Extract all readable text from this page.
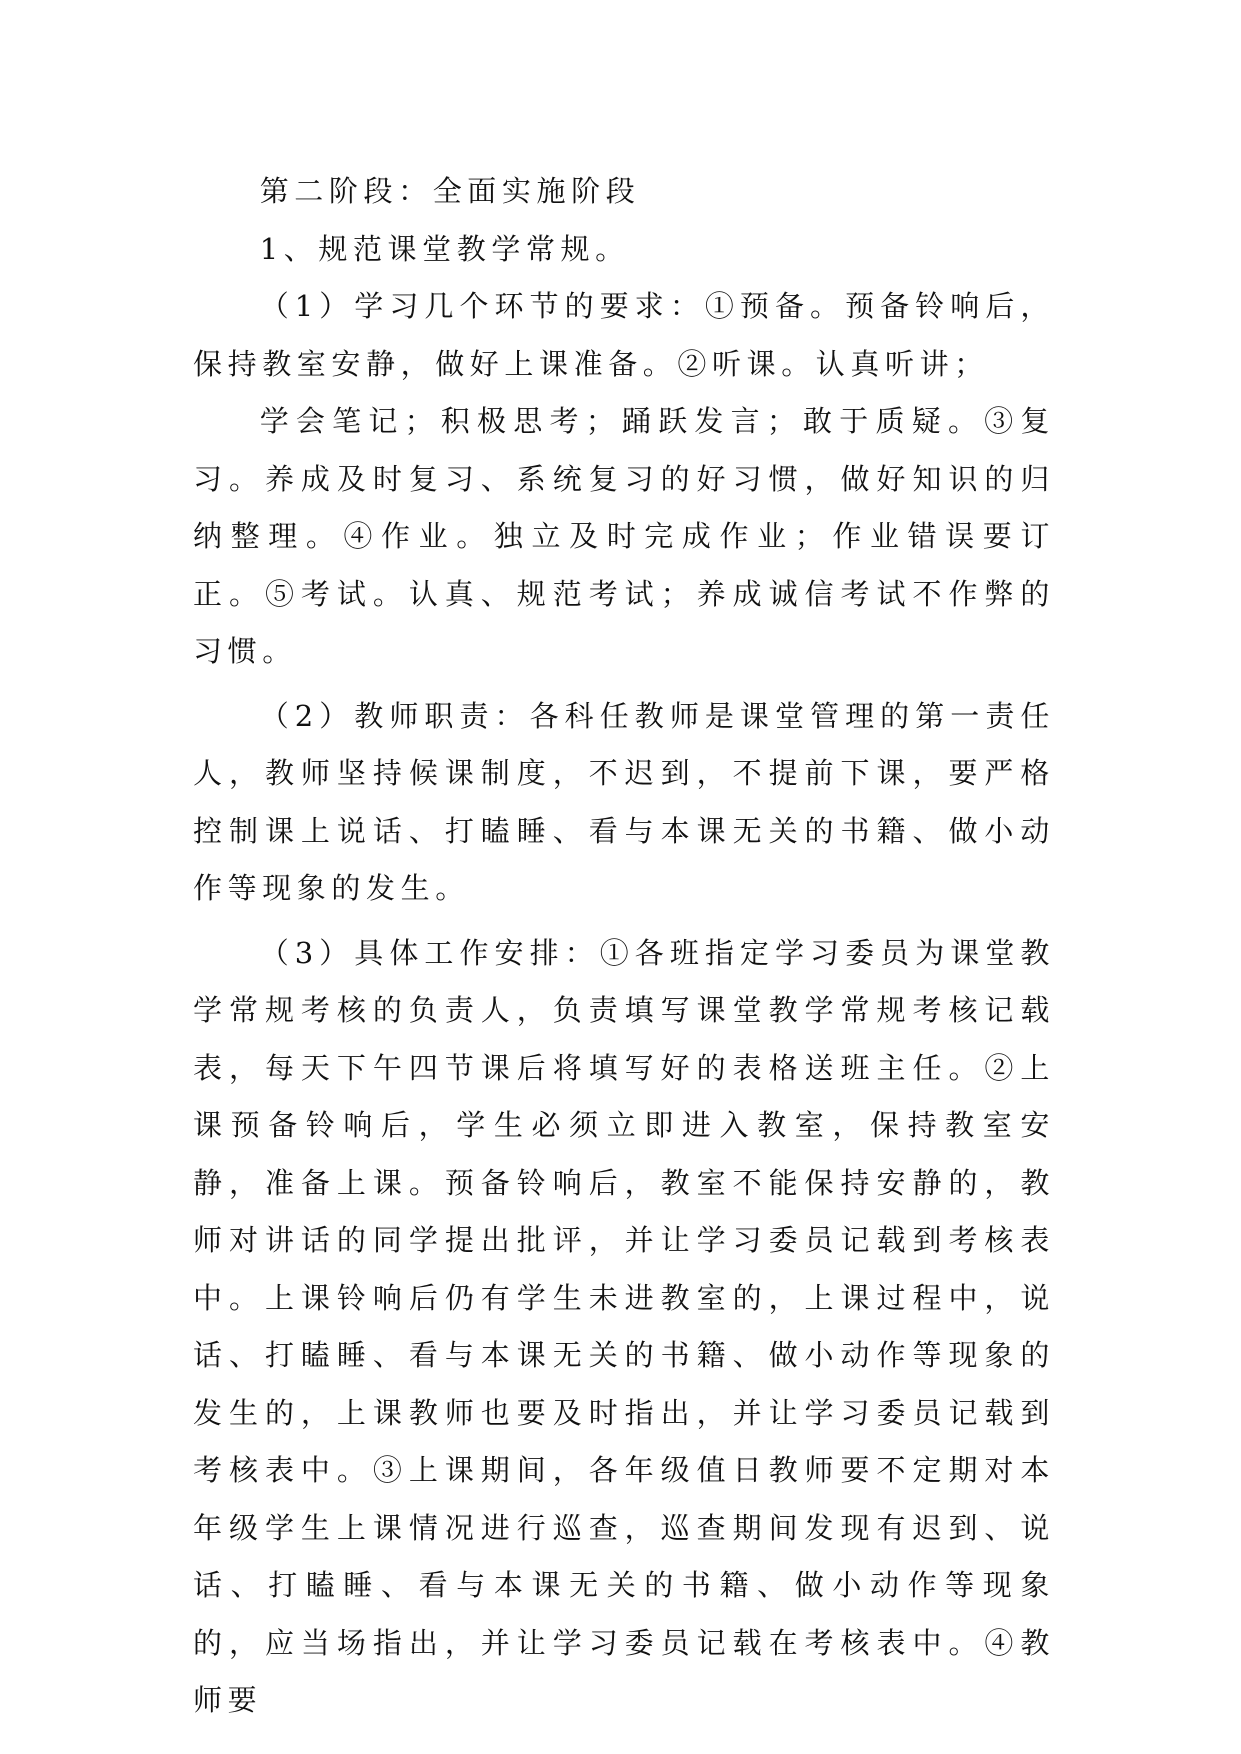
第二阶段：全面实施阶段

1、规范课堂教学常规。

（1）学习几个环节的要求：①预备。预备铃响后，保持教室安静，做好上课准备。②听课。认真听讲；

学会笔记；积极思考；踊跃发言；敢于质疑。③复习。养成及时复习、系统复习的好习惯，做好知识的归纳整理。④作业。独立及时完成作业；作业错误要订正。⑤考试。认真、规范考试；养成诚信考试不作弊的习惯。

（2）教师职责：各科任教师是课堂管理的第一责任人，教师坚持候课制度，不迟到，不提前下课，要严格控制课上说话、打瞌睡、看与本课无关的书籍、做小动作等现象的发生。

（3）具体工作安排：①各班指定学习委员为课堂教学常规考核的负责人，负责填写课堂教学常规考核记载表，每天下午四节课后将填写好的表格送班主任。②上课预备铃响后，学生必须立即进入教室，保持教室安静，准备上课。预备铃响后，教室不能保持安静的，教师对讲话的同学提出批评，并让学习委员记载到考核表中。上课铃响后仍有学生未进教室的，上课过程中，说话、打瞌睡、看与本课无关的书籍、做小动作等现象的发生的，上课教师也要及时指出，并让学习委员记载到考核表中。③上课期间，各年级值日教师要不定期对本年级学生上课情况进行巡查，巡查期间发现有迟到、说话、打瞌睡、看与本课无关的书籍、做小动作等现象的，应当场指出，并让学习委员记载在考核表中。④教师要
